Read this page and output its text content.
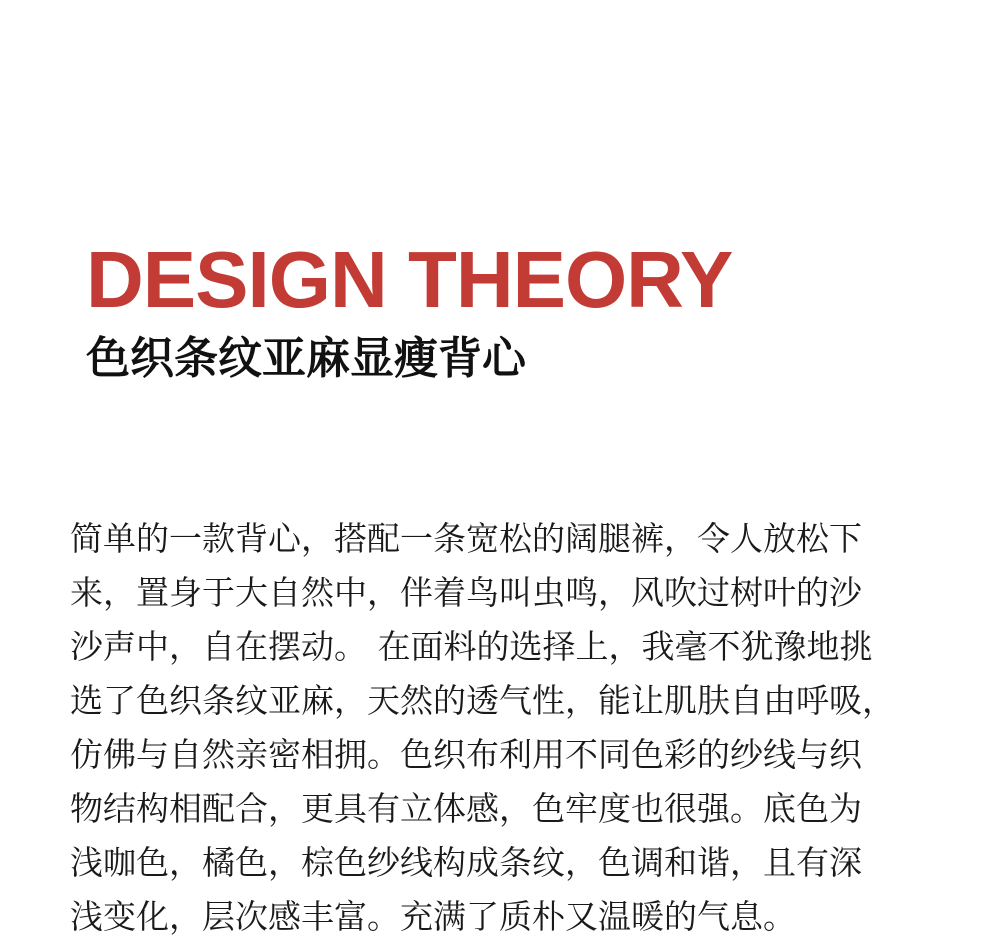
DESIGN THEORY
色织条纹亚麻显瘦背心
简单的一款背心，搭配一条宽松的阔腿裤，令人放松下
来，置身于大自然中，伴着鸟叫虫鸣，风吹过树叶的沙
沙声中，自在摆动。 在面料的选择上，我毫不犹豫地挑
选了色织条纹亚麻，天然的透气性，能让肌肤自由呼吸，
仿佛与自然亲密相拥。色织布利用不同色彩的纱线与织
物结构相配合，更具有立体感，色牢度也很强。底色为
浅咖色，橘色，棕色纱线构成条纹，色调和谐，且有深
浅变化，层次感丰富。充满了质朴又温暖的气息。
